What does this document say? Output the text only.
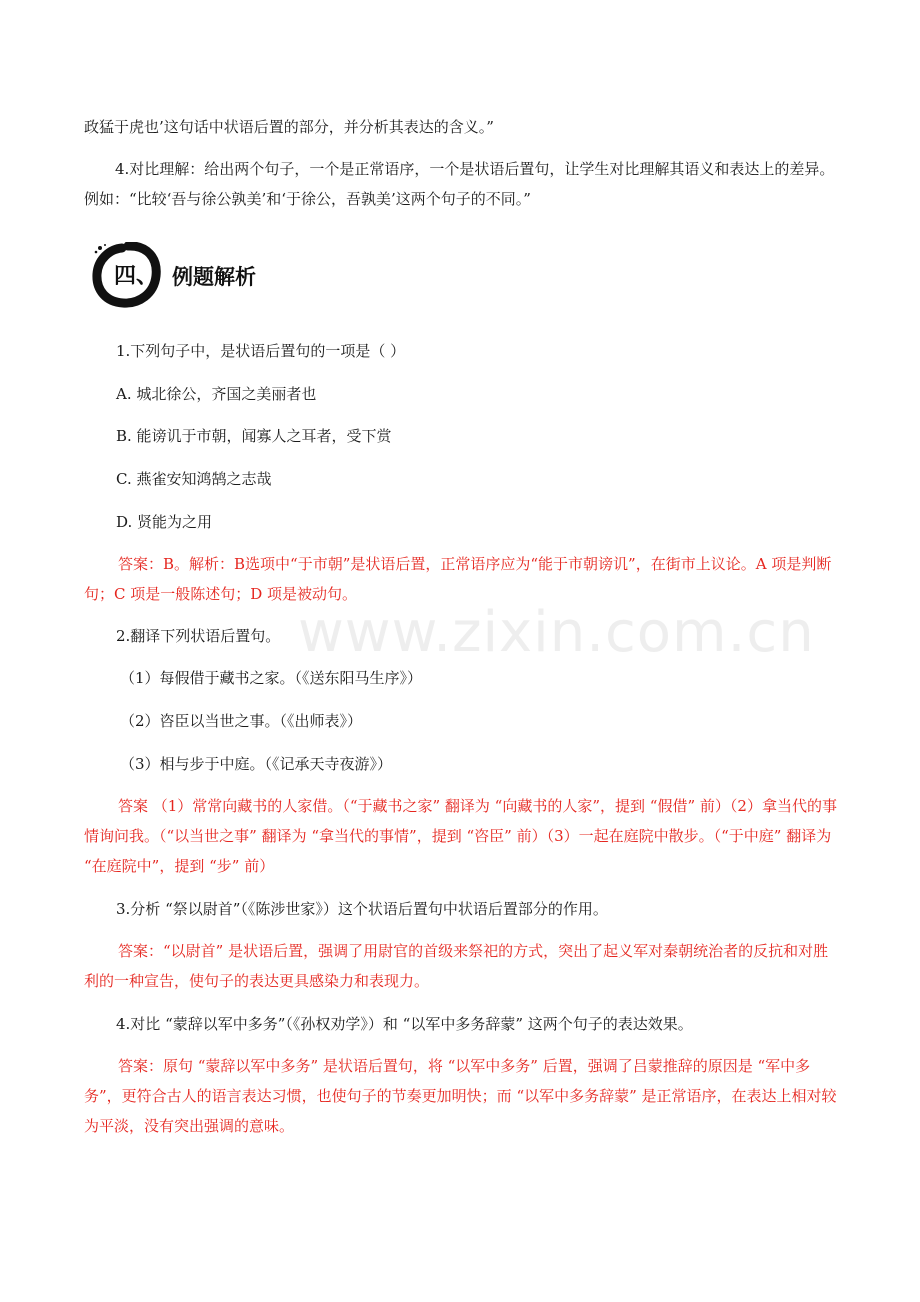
www.zixin.com.cn

政猛于虎也’这句话中状语后置的部分，并分析其表达的含义。”

4.对比理解：给出两个句子，一个是正常语序，一个是状语后置句，让学生对比理解其语义和表达上的差异。例如：“比较‘吾与徐公孰美’和‘于徐公，吾孰美’这两个句子的不同。”

四、 例题解析

1.下列句子中，是状语后置句的一项是（ ）

A. 城北徐公，齐国之美丽者也

B. 能谤讥于市朝，闻寡人之耳者，受下赏

C. 燕雀安知鸿鹄之志哉

D. 贤能为之用

答案：B。解析：B选项中“于市朝”是状语后置，正常语序应为“能于市朝谤讥”，在街市上议论。A 项是判断句；C 项是一般陈述句；D 项是被动句。

2.翻译下列状语后置句。

（1）每假借于藏书之家。（《送东阳马生序》）

（2）咨臣以当世之事。（《出师表》）

（3）相与步于中庭。（《记承天寺夜游》）

答案 （1）常常向藏书的人家借。（“于藏书之家” 翻译为 “向藏书的人家”，提到 “假借” 前）（2）拿当代的事情询问我。（“以当世之事” 翻译为 “拿当代的事情”，提到 “咨臣” 前）（3）一起在庭院中散步。（“于中庭” 翻译为 “在庭院中”，提到 “步” 前）

3.分析 “祭以尉首”（《陈涉世家》）这个状语后置句中状语后置部分的作用。

答案：“以尉首” 是状语后置，强调了用尉官的首级来祭祀的方式，突出了起义军对秦朝统治者的反抗和对胜利的一种宣告，使句子的表达更具感染力和表现力。

4.对比 “蒙辞以军中多务”（《孙权劝学》）和 “以军中多务辞蒙” 这两个句子的表达效果。

答案：原句 “蒙辞以军中多务” 是状语后置句，将 “以军中多务” 后置，强调了吕蒙推辞的原因是 “军中多务”，更符合古人的语言表达习惯，也使句子的节奏更加明快；而 “以军中多务辞蒙” 是正常语序，在表达上相对较为平淡，没有突出强调的意味。
